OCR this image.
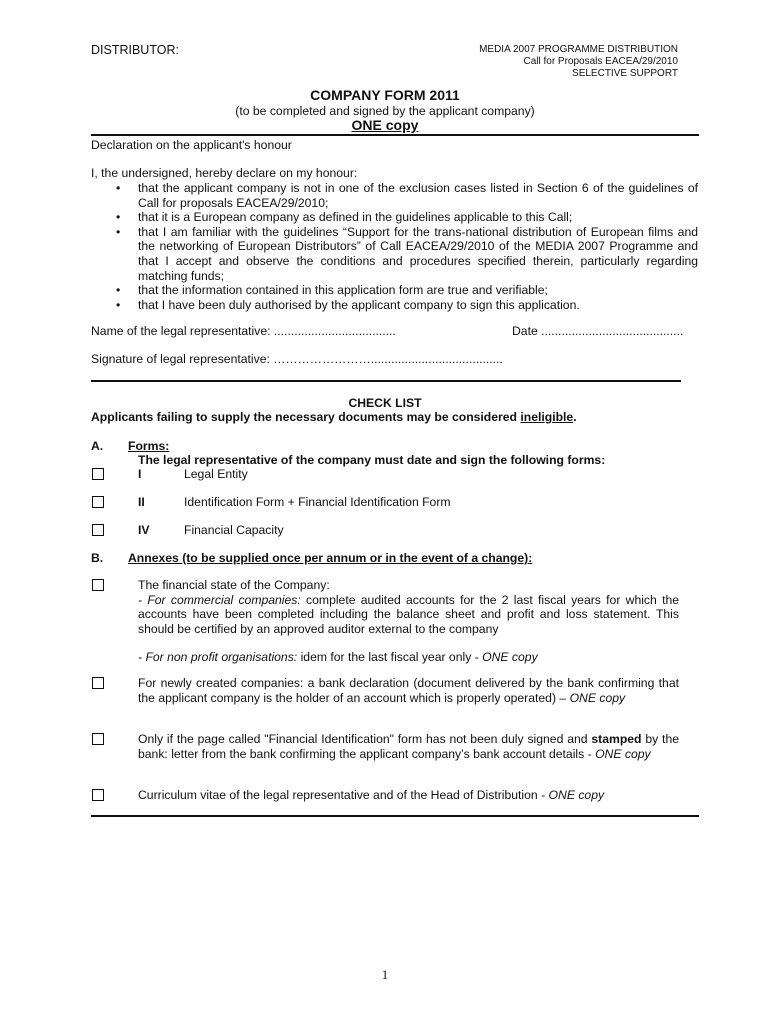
DISTRIBUTOR:	MEDIA 2007 PROGRAMME DISTRIBUTION
Call for Proposals EACEA/29/2010
SELECTIVE SUPPORT
COMPANY FORM 2011
(to be completed and signed by the applicant company)
ONE copy
Declaration on the applicant's honour
I, the undersigned, hereby declare on my honour:
• that the applicant company is not in one of the exclusion cases listed in Section 6 of the guidelines of Call for proposals EACEA/29/2010;
• that it is a European company as defined in the guidelines applicable to this Call;
• that I am familiar with the guidelines “Support for the trans-national distribution of European films and the networking of European Distributors” of Call EACEA/29/2010 of the MEDIA 2007 Programme and that I accept and observe the conditions and procedures specified therein, particularly regarding matching funds;
• that the information contained in this application form are true and verifiable;
• that I have been duly authorised by the applicant company to sign this application.
Name of the legal representative: ....................................	Date ..........................................
Signature of legal representative: …………………….......................................
CHECK LIST
Applicants failing to supply the necessary documents may be considered ineligible.
A. Forms:
The legal representative of the company must date and sign the following forms:
I	Legal Entity
II	Identification Form + Financial Identification Form
IV	Financial Capacity
B. Annexes (to be supplied once per annum or in the event of a change):
The financial state of the Company:
- For commercial companies: complete audited accounts for the 2 last fiscal years for which the accounts have been completed including the balance sheet and profit and loss statement. This should be certified by an approved auditor external to the company
- For non profit organisations: idem for the last fiscal year only - ONE copy
For newly created companies: a bank declaration (document delivered by the bank confirming that the applicant company is the holder of an account which is properly operated) – ONE copy
Only if the page called "Financial Identification" form has not been duly signed and stamped by the bank: letter from the bank confirming the applicant company’s bank account details - ONE copy
Curriculum vitae of the legal representative and of the Head of Distribution - ONE copy
1
